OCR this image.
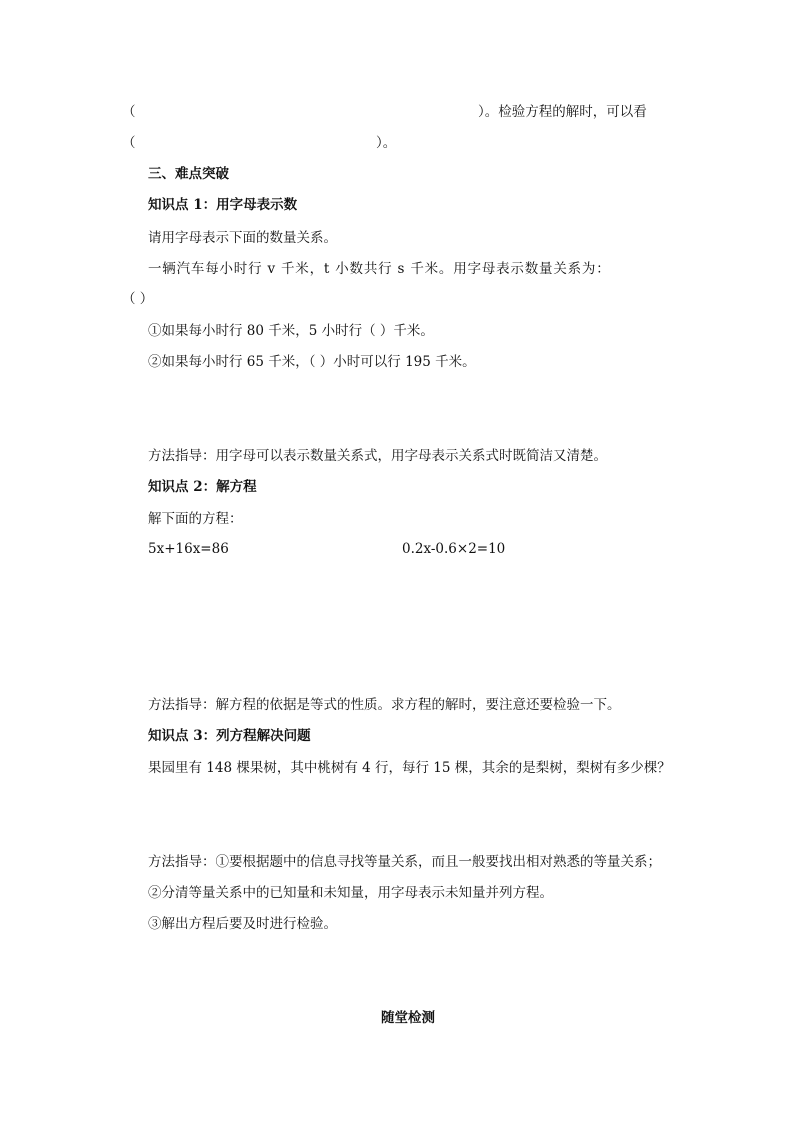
（	）。检验方程的解时，可以看
（	）。
三、难点突破
知识点 1：用字母表示数
请用字母表示下面的数量关系。
一辆汽车每小时行 v 千米，t 小数共行 s 千米。用字母表示数量关系为：
（ ）
①如果每小时行 80 千米，5 小时行（ ）千米。
②如果每小时行 65 千米，（ ）小时可以行 195 千米。
方法指导：用字母可以表示数量关系式，用字母表示关系式时既简洁又清楚。
知识点 2：解方程
解下面的方程：
5x+16x=86	0.2x-0.6×2=10
方法指导：解方程的依据是等式的性质。求方程的解时，要注意还要检验一下。
知识点 3：列方程解决问题
果园里有 148 棵果树，其中桃树有 4 行，每行 15 棵，其余的是梨树，梨树有多少棵？
方法指导：①要根据题中的信息寻找等量关系，而且一般要找出相对熟悉的等量关系；
②分清等量关系中的已知量和未知量，用字母表示未知量并列方程。
③解出方程后要及时进行检验。
随堂检测
